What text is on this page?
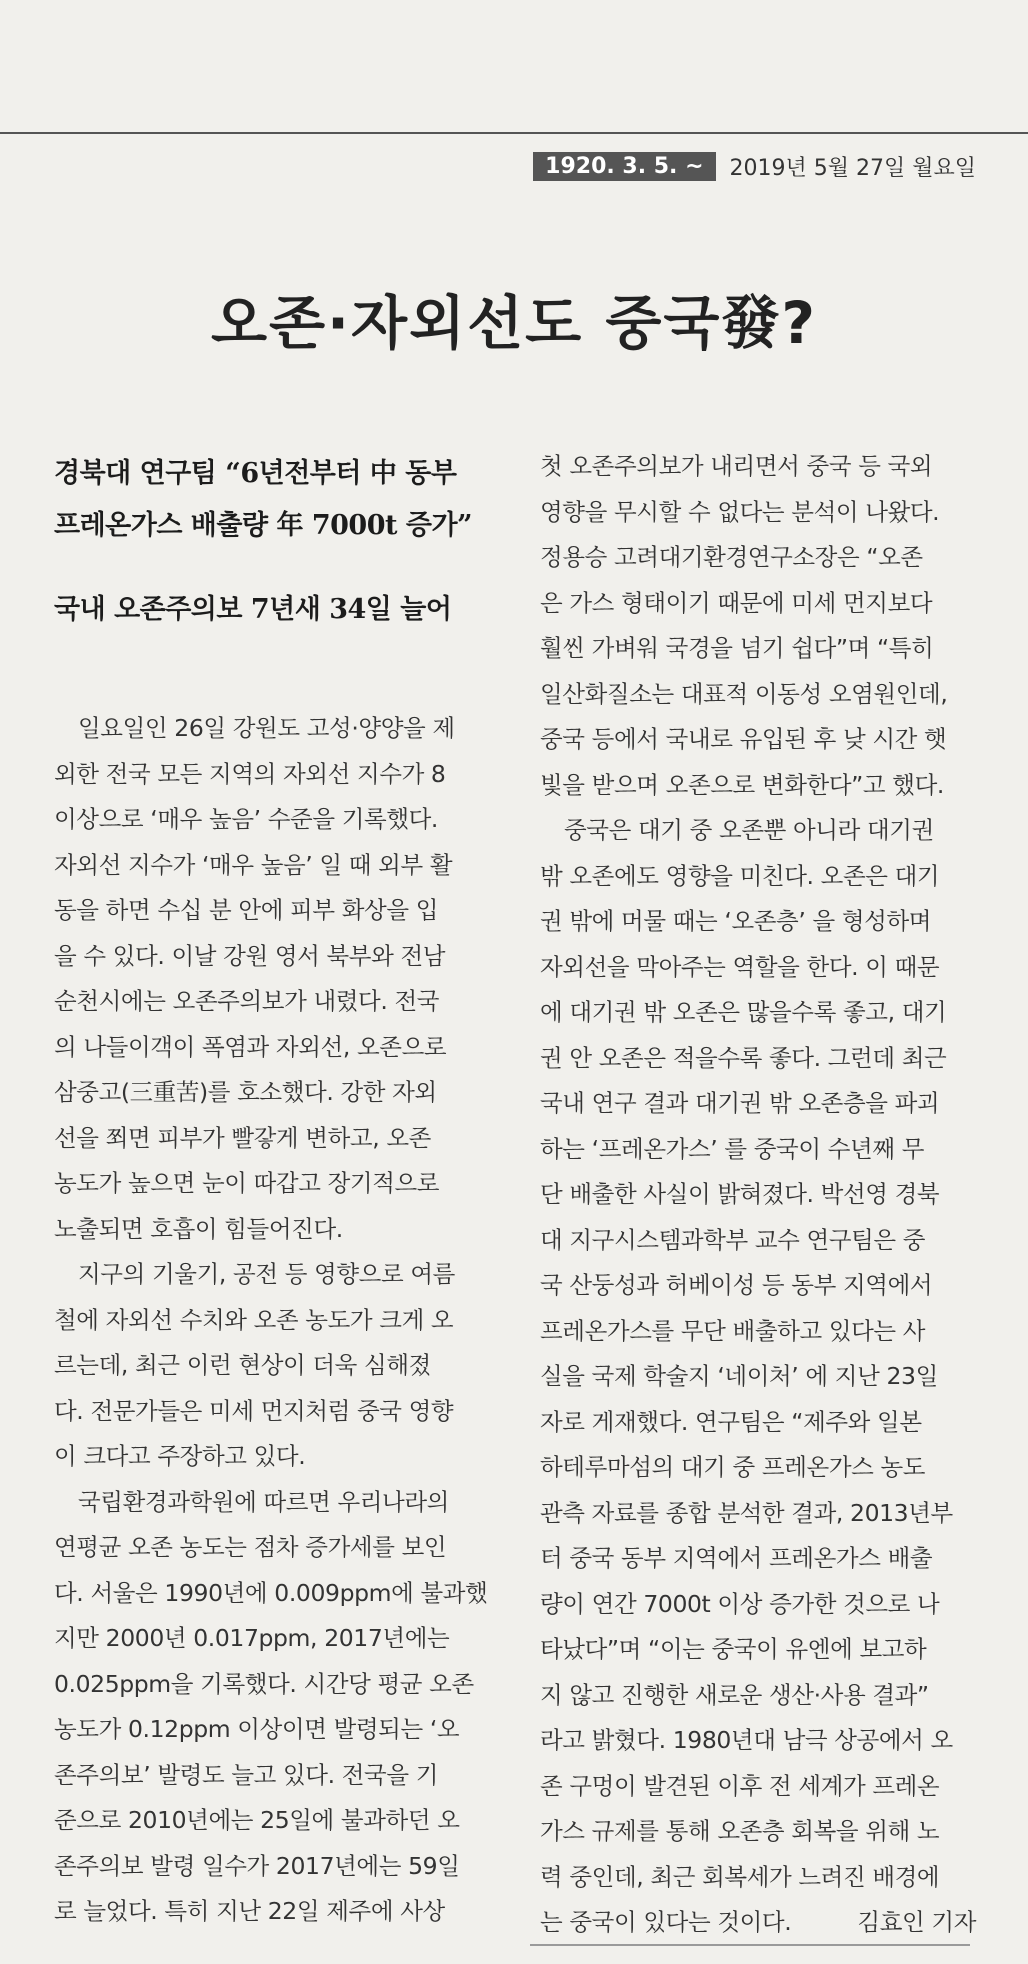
1920. 3. 5. ~	2019년 5월 27일 월요일
오존·자외선도 중국發?

경북대 연구팀 “6년전부터 中 동부

프레온가스 배출량 年 7000t 증가”

국내 오존주의보 7년새 34일 늘어

일요일인 26일 강원도 고성·양양을 제

외한 전국 모든 지역의 자외선 지수가 8

이상으로 ‘매우 높음’ 수준을 기록했다.

자외선 지수가 ‘매우 높음’ 일 때 외부 활

동을 하면 수십 분 안에 피부 화상을 입

을 수 있다. 이날 강원 영서 북부와 전남

순천시에는 오존주의보가 내렸다. 전국

의 나들이객이 폭염과 자외선, 오존으로

삼중고(三重苦)를 호소했다. 강한 자외

선을 쬐면 피부가 빨갛게 변하고, 오존

농도가 높으면 눈이 따갑고 장기적으로

노출되면 호흡이 힘들어진다.

지구의 기울기, 공전 등 영향으로 여름

철에 자외선 수치와 오존 농도가 크게 오

르는데, 최근 이런 현상이 더욱 심해졌

다. 전문가들은 미세 먼지처럼 중국 영향

이 크다고 주장하고 있다.

국립환경과학원에 따르면 우리나라의

연평균 오존 농도는 점차 증가세를 보인

다. 서울은 1990년에 0.009ppm에 불과했

지만 2000년 0.017ppm, 2017년에는

0.025ppm을 기록했다. 시간당 평균 오존

농도가 0.12ppm 이상이면 발령되는 ‘오

존주의보’ 발령도 늘고 있다. 전국을 기

준으로 2010년에는 25일에 불과하던 오

존주의보 발령 일수가 2017년에는 59일

로 늘었다. 특히 지난 22일 제주에 사상

첫 오존주의보가 내리면서 중국 등 국외

영향을 무시할 수 없다는 분석이 나왔다.

정용승 고려대기환경연구소장은 “오존

은 가스 형태이기 때문에 미세 먼지보다

훨씬 가벼워 국경을 넘기 쉽다”며 “특히

일산화질소는 대표적 이동성 오염원인데,

중국 등에서 국내로 유입된 후 낮 시간 햇

빛을 받으며 오존으로 변화한다”고 했다.

중국은 대기 중 오존뿐 아니라 대기권

밖 오존에도 영향을 미친다. 오존은 대기

권 밖에 머물 때는 ‘오존층’ 을 형성하며

자외선을 막아주는 역할을 한다. 이 때문

에 대기권 밖 오존은 많을수록 좋고, 대기

권 안 오존은 적을수록 좋다. 그런데 최근

국내 연구 결과 대기권 밖 오존층을 파괴

하는 ‘프레온가스’ 를 중국이 수년째 무

단 배출한 사실이 밝혀졌다. 박선영 경북

대 지구시스템과학부 교수 연구팀은 중

국 산둥성과 허베이성 등 동부 지역에서

프레온가스를 무단 배출하고 있다는 사

실을 국제 학술지 ‘네이처’ 에 지난 23일

자로 게재했다. 연구팀은 “제주와 일본

하테루마섬의 대기 중 프레온가스 농도

관측 자료를 종합 분석한 결과, 2013년부

터 중국 동부 지역에서 프레온가스 배출

량이 연간 7000t 이상 증가한 것으로 나

타났다”며 “이는 중국이 유엔에 보고하

지 않고 진행한 새로운 생산·사용 결과”

라고 밝혔다. 1980년대 남극 상공에서 오

존 구멍이 발견된 이후 전 세계가 프레온

가스 규제를 통해 오존층 회복을 위해 노

력 중인데, 최근 회복세가 느려진 배경에

는 중국이 있다는 것이다.	김효인 기자
